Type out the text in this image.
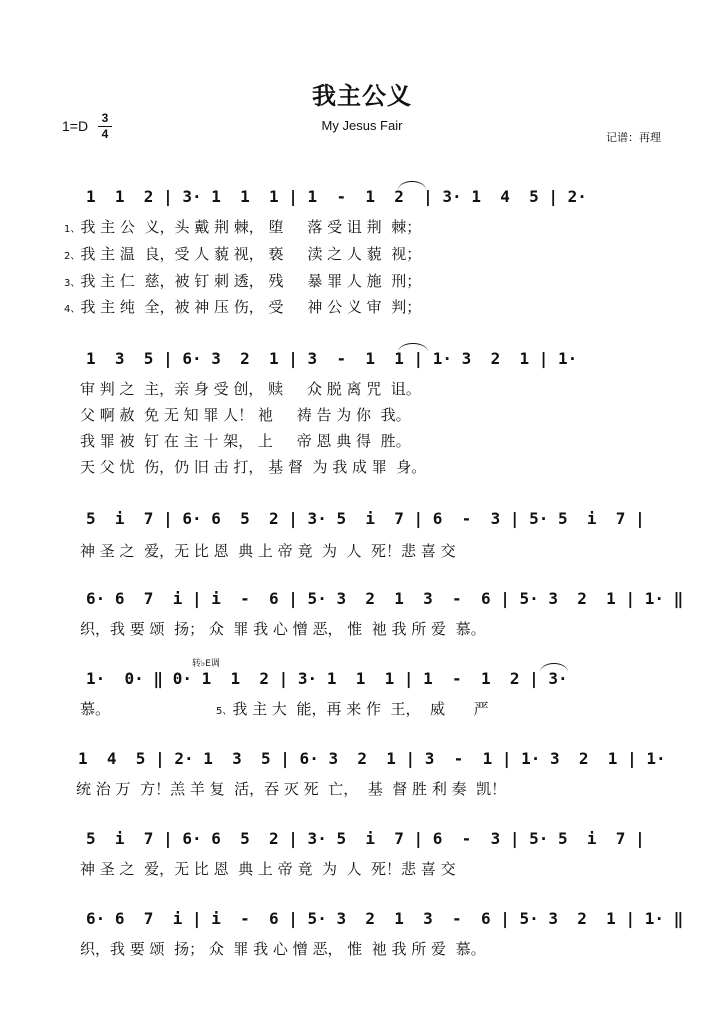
我主公义
My Jesus Fair
1=D	3
4	记谱：再理
1  1  2 | 3· 1  1  1 | 1  -  1  2  | 3· 1  4  5 | 2·
1、我 主 公  义，头 戴 荆 棘， 堕     落 受 诅 荆  棘；
2、我 主 温  良，受 人 藐 视， 亵     渎 之 人 藐  视；
3、我 主 仁  慈，被 钉 刺 透， 残     暴 罪 人 施  刑；
4、我 主 纯  全，被 神 压 伤， 受     神 公 义 审  判；
1  3  5 | 6· 3  2  1 | 3  -  1  1 | 1· 3  2  1 | 1·
审 判 之  主，亲 身 受 创， 赎     众 脱 离 咒  诅。
父 啊 赦  免 无 知 罪 人！ 祂     祷 告 为 你  我。
我 罪 被  钉 在 主 十 架， 上     帝 恩 典 得  胜。
天 父 忧  伤，仍 旧 击 打， 基 督  为 我 成 罪  身。
5  i  7 | 6· 6  5  2 | 3· 5  i  7 | 6  -  3 | 5· 5  i  7 |
神 圣 之  爱，无 比 恩  典 上 帝 竟  为  人  死！悲 喜 交
6· 6  7  i | i  -  6 | 5· 3  2  1  3  -  6 | 5· 3  2  1 | 1· ‖
织，我 要 颂  扬； 众  罪 我 心 憎 恶， 惟  祂 我 所 爱  慕。
转♭E调
1·  0· ‖ 0· 1  1  2 | 3· 1  1  1 | 1  -  1  2 | 3·
慕。	5、我 主 大  能，再 来 作  王，  威      严
1  4  5 | 2· 1  3  5 | 6· 3  2  1 | 3  -  1 | 1· 3  2  1 | 1·
统 治 万  方！羔 羊 复  活，吞 灭 死  亡，  基  督 胜 利 奏  凯！
5  i  7 | 6· 6  5  2 | 3· 5  i  7 | 6  -  3 | 5· 5  i  7 |
神 圣 之  爱，无 比 恩  典 上 帝 竟  为  人  死！悲 喜 交
6· 6  7  i | i  -  6 | 5· 3  2  1  3  -  6 | 5· 3  2  1 | 1· ‖
织，我 要 颂  扬； 众  罪 我 心 憎 恶， 惟  祂 我 所 爱  慕。
